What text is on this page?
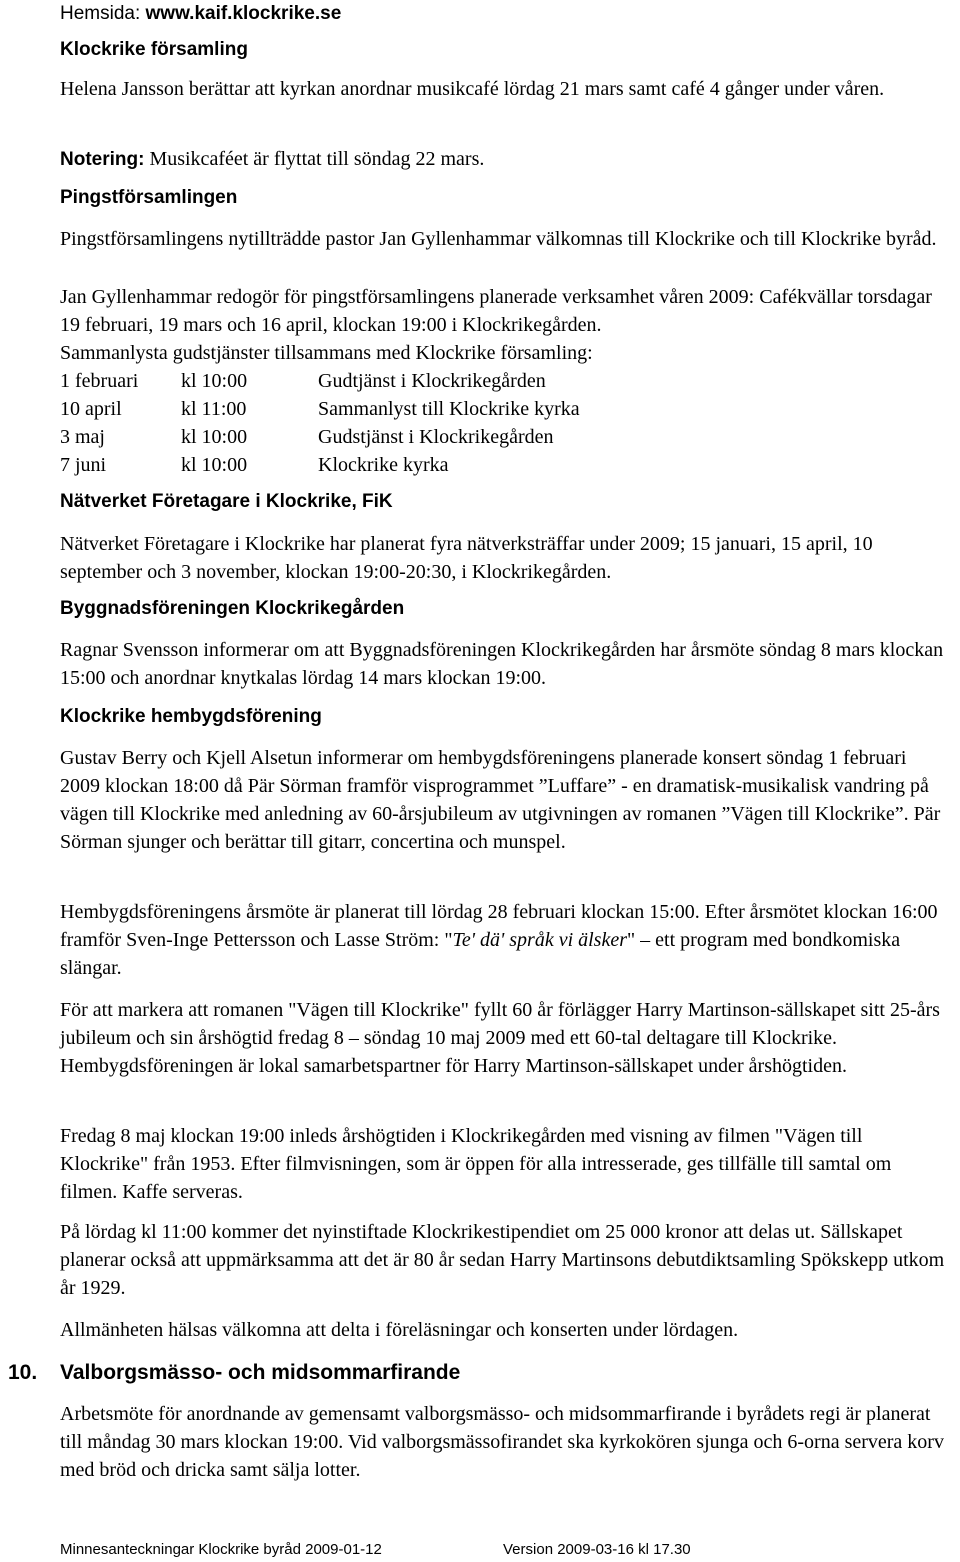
Hemsida: www.kaif.klockrike.se
Klockrike församling

Helena Jansson berättar att kyrkan anordnar musikcafé lördag 21 mars samt café 4 gånger under våren.

Notering: Musikcaféet är flyttat till söndag 22 mars.

Pingstförsamlingen

Pingstförsamlingens nytillträdde pastor Jan Gyllenhammar välkomnas till Klockrike och till Klockrike byråd.

Jan Gyllenhammar redogör för pingstförsamlingens planerade verksamhet våren 2009: Cafékvällar torsdagar 19 februari, 19 mars och 16 april, klockan 19:00 i Klockrikegården.

Sammanlysta gudstjänster tillsammans med Klockrike församling:

1 februari kl 10:00	Gudtjänst i Klockrikegården
10 april	kl 11:00	Sammanlyst till Klockrike kyrka
3 maj	kl 10:00	Gudstjänst i Klockrikegården
7 juni	kl 10:00	Klockrike kyrka
Nätverket Företagare i Klockrike, FiK

Nätverket Företagare i Klockrike har planerat fyra nätverksträffar under 2009; 15 januari, 15 april, 10 september och 3 november, klockan 19:00-20:30, i Klockrikegården.

Byggnadsföreningen Klockrikegården

Ragnar Svensson informerar om att Byggnadsföreningen Klockrikegården har årsmöte söndag 8 mars klockan 15:00 och anordnar knytkalas lördag 14 mars klockan 19:00.

Klockrike hembygdsförening

Gustav Berry och Kjell Alsetun informerar om hembygdsföreningens planerade konsert söndag 1 februari 2009 klockan 18:00 då Pär Sörman framför visprogrammet ”Luffare” - en dramatisk-musikalisk vandring på vägen till Klockrike med anledning av 60-årsjubileum av utgivningen av romanen ”Vägen till Klockrike”. Pär Sörman sjunger och berättar till gitarr, concertina och munspel.

Hembygdsföreningens årsmöte är planerat till lördag 28 februari klockan 15:00. Efter årsmötet klockan 16:00 framför Sven-Inge Pettersson och Lasse Ström: "Te' dä' språk vi älsker" – ett program med bondkomiska slängar.

För att markera att romanen "Vägen till Klockrike" fyllt 60 år förlägger Harry Martinson-sällskapet sitt 25-års jubileum och sin årshögtid fredag 8 – söndag 10 maj 2009 med ett 60-tal deltagare till Klockrike. Hembygdsföreningen är lokal samarbetspartner för Harry Martinson-sällskapet under årshögtiden.

Fredag 8 maj klockan 19:00 inleds årshögtiden i Klockrikegården med visning av filmen "Vägen till Klockrike" från 1953. Efter filmvisningen, som är öppen för alla intresserade, ges tillfälle till samtal om filmen. Kaffe serveras.

På lördag kl 11:00 kommer det nyinstiftade Klockrikestipendiet om 25 000 kronor att delas ut. Sällskapet planerar också att uppmärksamma att det är 80 år sedan Harry Martinsons debutdiktsamling Spökskepp utkom år 1929.

Allmänheten hälsas välkomna att delta i föreläsningar och konserten under lördagen.

10. Valborgsmässo- och midsommarfirande

Arbetsmöte för anordnande av gemensamt valborgsmässo- och midsommarfirande i byrådets regi är planerat till måndag 30 mars klockan 19:00. Vid valborgsmässofirandet ska kyrkokören sjunga och 6-orna servera korv med bröd och dricka samt sälja lotter.

Minnesanteckningar Klockrike byråd 2009-01-12	Version 2009-03-16 kl 17.30
